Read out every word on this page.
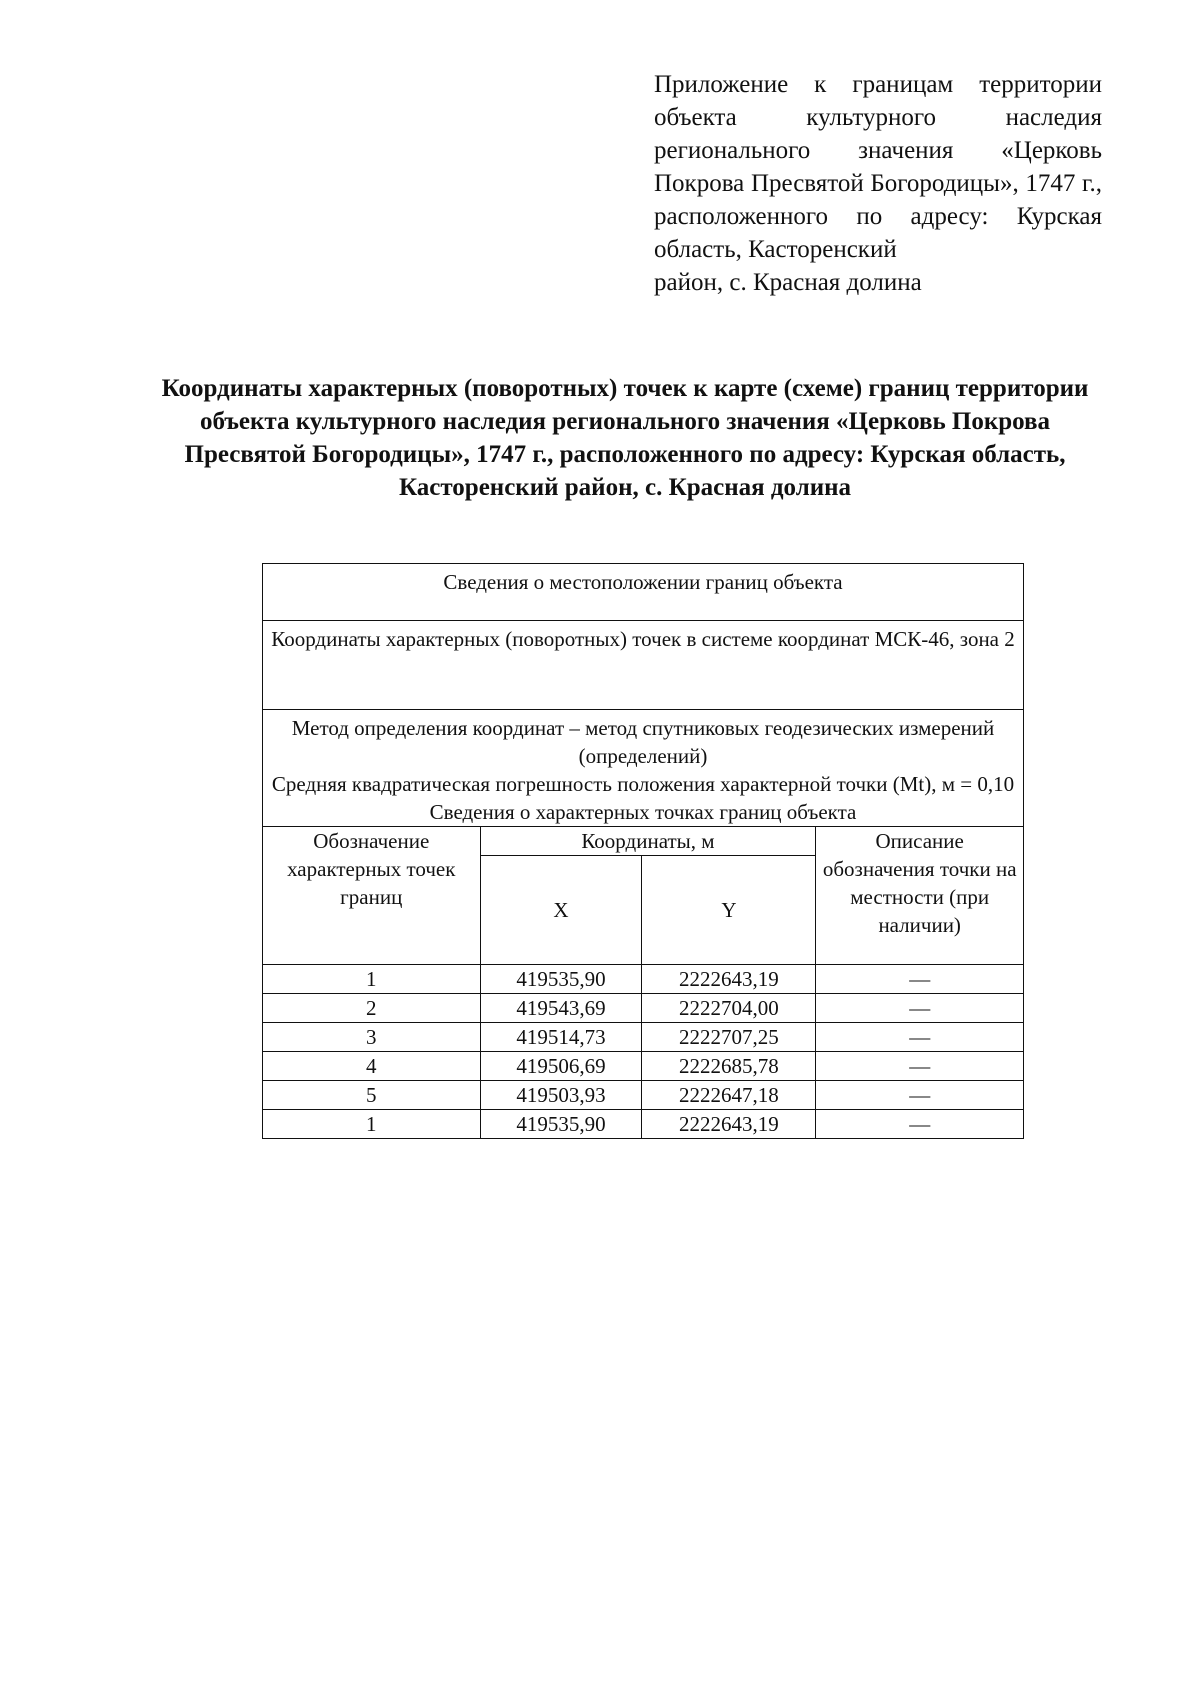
Приложение к границам территории объекта культурного наследия регионального значения «Церковь Покрова Пресвятой Богородицы», 1747 г., расположенного по адресу: Курская область, Касторенский
район, с. Красная долина
Координаты характерных (поворотных) точек к карте (схеме) границ территории объекта культурного наследия регионального значения «Церковь Покрова Пресвятой Богородицы», 1747 г., расположенного по адресу: Курская область, Касторенский район, с. Красная долина
Сведения о местоположении границ объекта			
Координаты характерных (поворотных) точек в системе координат МСК-46, зона 2			

Метод определения координат – метод спутниковых геодезических измерений (определений)
Средняя квадратическая погрешность положения характерной точки (Mt), м = 0,10
Сведения о характерных точках границ объекта			

Обозначение характерных точек границ	Координаты, м		Описание обозначения точки на местности (при наличии)
	X	Y	
1	419535,90	2222643,19	—
2	419543,69	2222704,00	—
3	419514,73	2222707,25	—
4	419506,69	2222685,78	—
5	419503,93	2222647,18	—
1	419535,90	2222643,19	—
